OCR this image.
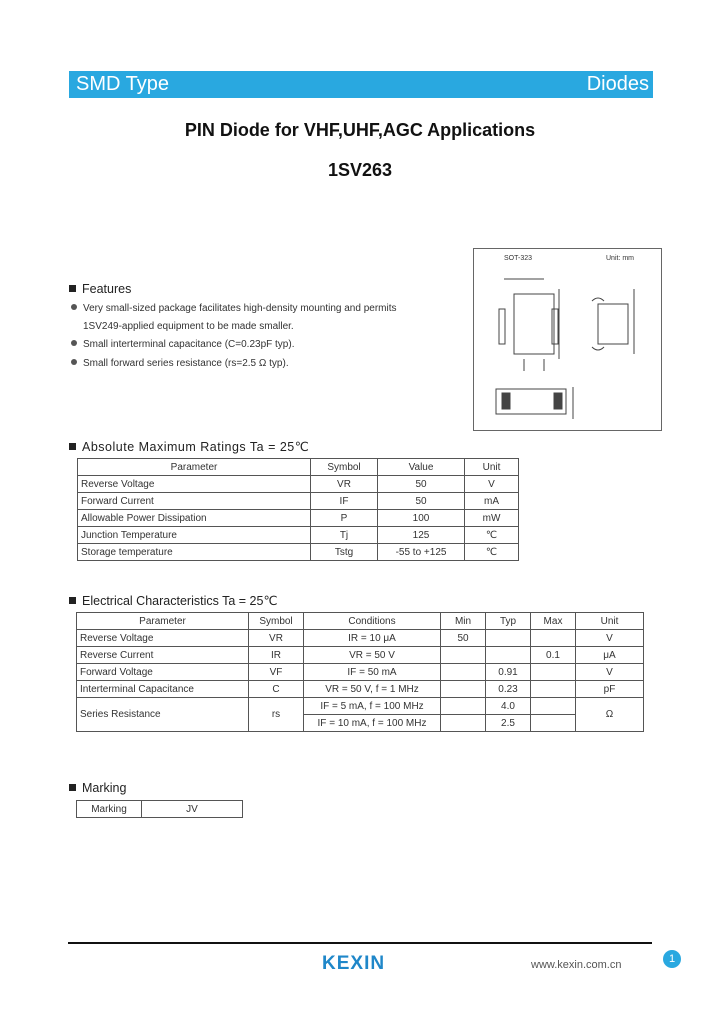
SMD Type	Diodes
PIN Diode for VHF,UHF,AGC Applications
1SV263
SOT-323	Unit: mm
Features
Very small-sized package facilitates high-density mounting and permits
1SV249-applied equipment to be made smaller.
Small interterminal capacitance (C=0.23pF typ).
Small forward series resistance (rs=2.5 Ω typ).
Absolute Maximum Ratings Ta = 25℃
Parameter	Symbol	Value	Unit
Reverse Voltage	VR	50	V
Forward Current	IF	50	mA
Allowable Power Dissipation	P	100	mW
Junction Temperature	Tj	125	℃
Storage temperature	Tstg	-55 to +125	℃
Electrical Characteristics Ta = 25℃
Parameter	Symbol	Conditions	Min	Typ	Max	Unit
Reverse Voltage	VR	IR = 10 μA	50			V
Reverse Current	IR	VR = 50 V			0.1	μA
Forward Voltage	VF	IF = 50 mA		0.91		V
Interterminal Capacitance	C	VR = 50 V, f = 1 MHz		0.23		pF
Series Resistance	rs	IF = 5 mA, f = 100 MHz		4.0		Ω
		IF = 10 mA, f = 100 MHz		2.5		
Marking
Marking	JV
KEXIN	www.kexin.com.cn	1
